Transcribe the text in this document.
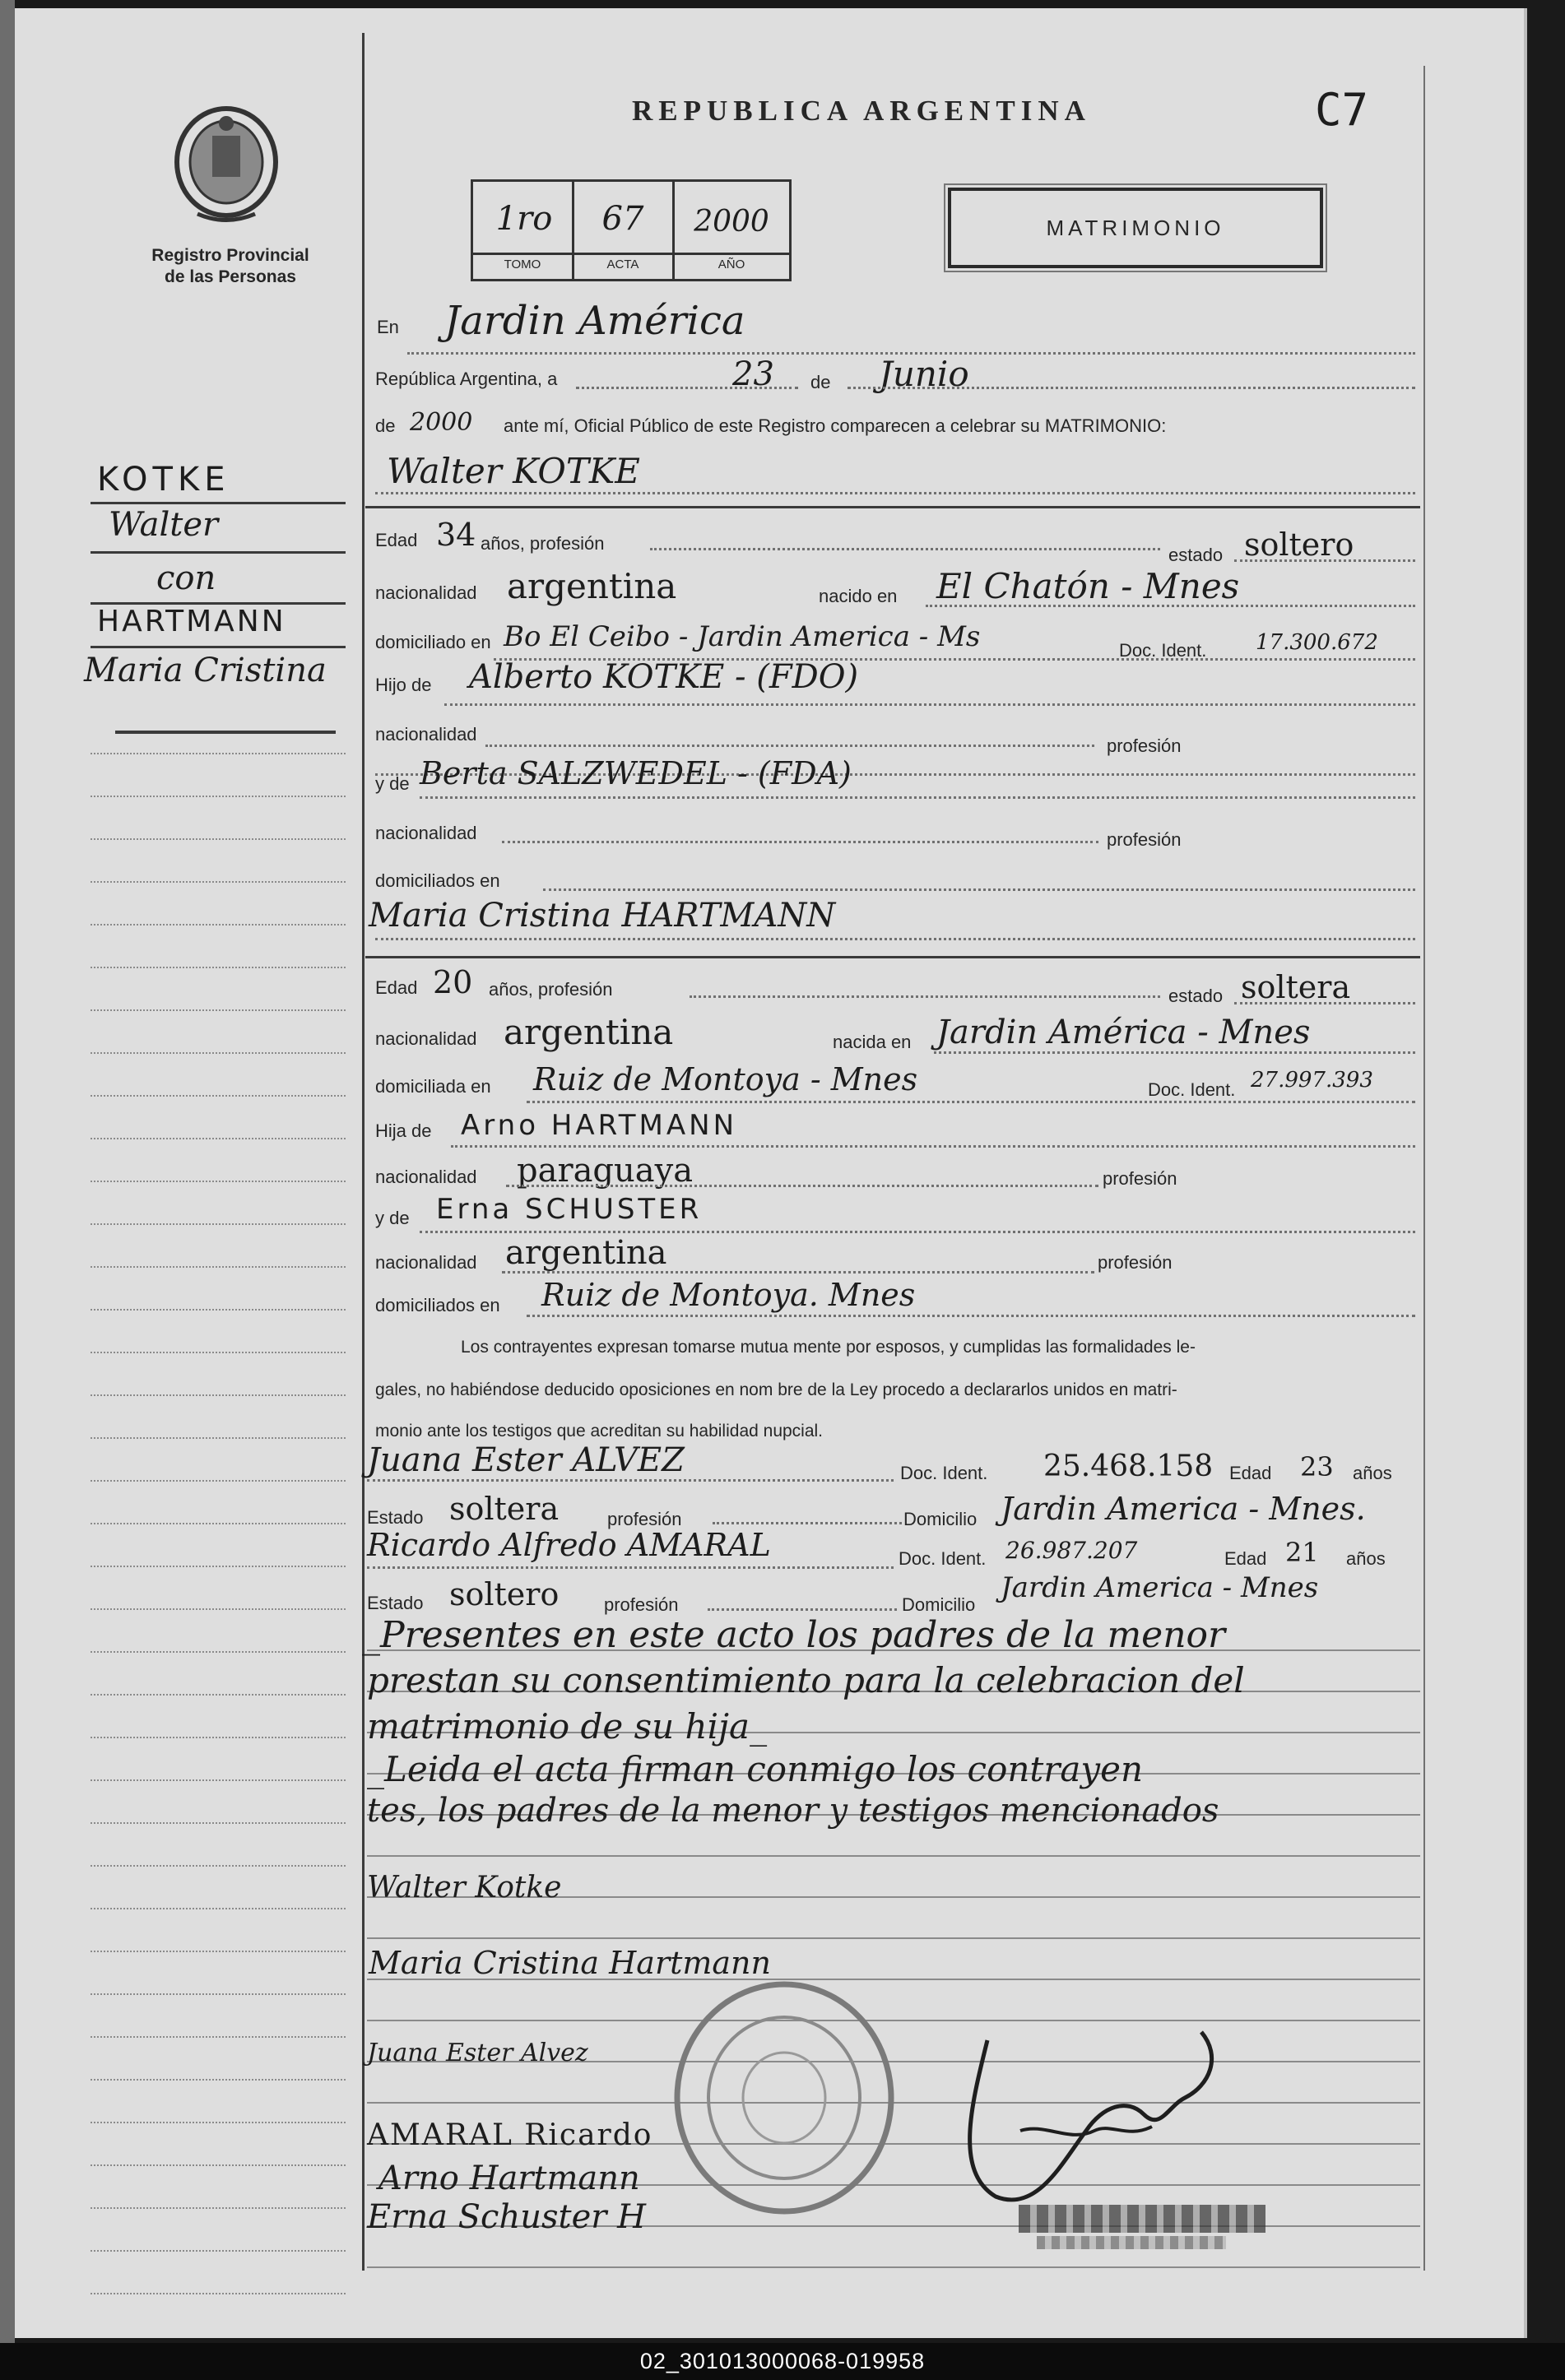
Registro Provincial
de las Personas
REPUBLICA ARGENTINA	C7
1ro	67	2000
TOMO	ACTA	AÑO
MATRIMONIO
KOTKE
Walter
con
HARTMANN
Maria Cristina
En Jardin América
República Argentina, a	23 de Junio
de 2000 ante mí, Oficial Público de este Registro comparecen a celebrar su MATRIMONIO:
Walter KOTKE
Edad 34 años, profesión
estado soltero
nacionalidad argentina	nacido en El Chatón - Mnes
domiciliado en Bo El Ceibo - Jardin America - Ms	Doc. Ident. 17.300.672
Hijo de Alberto KOTKE - (FDO)
nacionalidad
profesión
y de Berta SALZWEDEL - (FDA)
nacionalidad	profesión
domiciliados en
Maria Cristina HARTMANN
Edad 20 años, profesión	estado soltera
nacionalidad argentina	nacida en Jardin América - Mnes
domiciliada en Ruiz de Montoya - Mnes	Doc. Ident. 27.997.393
Hija de Arno HARTMANN
nacionalidad paraguaya	profesión
y de Erna SCHUSTER
nacionalidad argentina	profesión
domiciliados en Ruiz de Montoya. Mnes
Los contrayentes expresan tomarse mutua mente por esposos, y cumplidas las formalidades le-
gales, no habiéndose deducido oposiciones en nom bre de la Ley procedo a declararlos unidos en matri-
monio ante los testigos que acreditan su habilidad nupcial.
Juana Ester ALVEZ	Doc. Ident. 25.468.158 Edad 23 años
Estado soltera	profesión	Domicilio Jardin America - Mnes.
Ricardo Alfredo AMARAL	Doc. Ident. 26.987.207	Edad 21 años
Estado soltero profesión	Domicilio
Jardin America - Mnes
_Presentes en este acto los padres de la menor
prestan su consentimiento para la celebracion del
matrimonio de su hija_
_Leida el acta firman conmigo los contrayen
tes, los padres de la menor y testigos mencionados
Walter Kotke
Maria Cristina Hartmann
Juana Ester Alvez
AMARAL Ricardo
Arno Hartmann
Erna Schuster H
02_301013000068-019958
